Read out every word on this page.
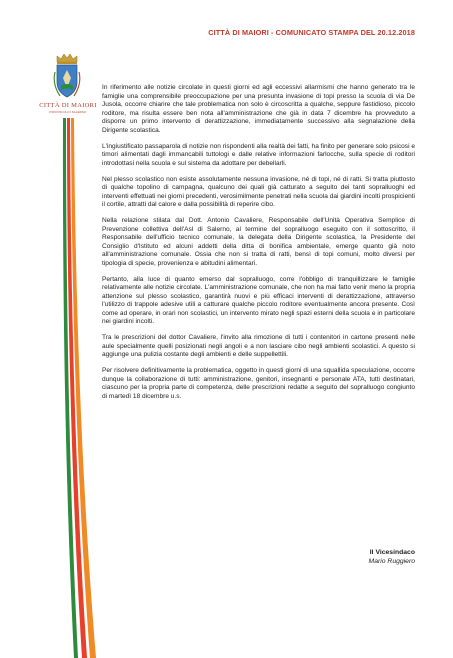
CITTÀ DI MAIORI - COMUNICATO STAMPA DEL 20.12.2018
CITTÀ DI MAIORI
PROVINCIA DI SALERNO

In riferimento alle notizie circolate in questi giorni ed agli eccessivi allarmismi che hanno generato tra le famiglie una comprensibile preoccupazione per una presunta invasione di topi presso la scuola di via De Jusola, occorre chiarire che tale problematica non solo è circoscritta a qualche, seppure fastidioso, piccolo roditore, ma risulta essere ben nota all'amministrazione che già in data 7 dicembre ha provveduto a disporre un primo intervento di derattizzazione, immediatamente successivo alla segnalazione della Dirigente scolastica.

L'ingiustificato passaparola di notizie non rispondenti alla realtà dei fatti, ha finito per generare solo psicosi e timori alimentati dagli immancabili tuttologi e dalle relative informazioni farlocche, sulla specie di roditori introdottasi nella scuola e sul sistema da adottare per debellarli.

Nel plesso scolastico non esiste assolutamente nessuna invasione, né di topi, né di ratti. Si tratta piuttosto di qualche topolino di campagna, qualcuno dei quali già catturato a seguito dei tanti sopralluoghi ed interventi effettuati nei giorni precedenti, verosimilmente penetrati nella scuola dai giardini incolti prospicienti il cortile, attratti dal calore e dalla possibilità di reperire cibo.

Nella relazione stilata dal Dott. Antonio Cavaliere, Responsabile dell'Unità Operativa Semplice di Prevenzione collettiva dell'Asl di Salerno, al termine del sopralluogo eseguito con il sottoscritto, il Responsabile dell'ufficio tecnico comunale, la delegata della Dirigente scolastica, la Presidente del Consiglio d'Istituto ed alcuni addetti della ditta di bonifica ambientale, emerge quanto già noto all'amministrazione comunale. Ossia che non si tratta di ratti, bensì di topi comuni, molto diversi per tipologia di specie, provenienza e abitudini alimentari.

Pertanto, alla luce di quanto emerso dal sopralluogo, corre l'obbligo di tranquillizzare le famiglie relativamente alle notizie circolate. L'amministrazione comunale, che non ha mai fatto venir meno la propria attenzione sul plesso scolastico, garantirà nuovi e più efficaci interventi di derattizzazione, attraverso l'utilizzo di trappole adesive utili a catturare qualche piccolo roditore eventualmente ancora presente. Così come ad operare, in orari non scolastici, un intervento mirato negli spazi esterni della scuola e in particolare nei giardini incolti.

Tra le prescrizioni del dottor Cavaliere, l'invito alla rimozione di tutti i contenitori in cartone presenti nelle aule specialmente quelli posizionati negli angoli e a non lasciare cibo negli ambienti scolastici. A questo si aggiunge una pulizia costante degli ambienti e delle suppellettili.

Per risolvere definitivamente la problematica, oggetto in questi giorni di una squallida speculazione, occorre dunque la collaborazione di tutti: amministrazione, genitori, insegnanti e personale ATA, tutti destinatari, ciascuno per la propria parte di competenza, delle prescrizioni redatte a seguito del sopralluogo congiunto di martedì 18 dicembre u.s.

Il Vicesindaco
Mario Ruggiero
